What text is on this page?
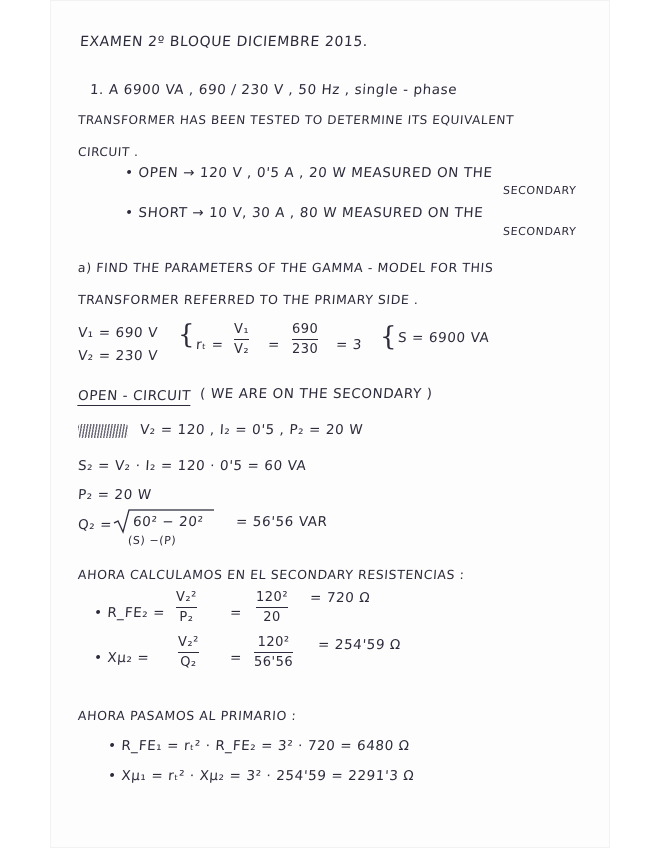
EXAMEN 2º BLOQUE DICIEMBRE 2015.
1. A 6900 VA , 690 / 230 V , 50 Hz , single - phase
TRANSFORMER HAS BEEN TESTED TO DETERMINE ITS EQUIVALENT
CIRCUIT .
• OPEN → 120 V , 0'5 A , 20 W MEASURED ON THE
SECONDARY
• SHORT → 10 V, 30 A , 80 W MEASURED ON THE
SECONDARY
a) FIND THE PARAMETERS OF THE GAMMA - MODEL FOR THIS
TRANSFORMER REFERRED TO THE PRIMARY SIDE .
V₁ = 690 V
V₂ = 230 V
{ rₜ =
V₁
V₂ =
690
230 = 3 { S = 6900 VA
OPEN - CIRCUIT ( WE ARE ON THE SECONDARY )
V₂ = 120 , I₂ = 0'5 , P₂ = 20 W
S₂ = V₂ · I₂ = 120 · 0'5 = 60 VA
P₂ = 20 W
Q₂ = 60² − 20² = 56'56 VAR
(S) −(P)
AHORA CALCULAMOS EN EL SECONDARY RESISTENCIAS :
• R_FE₂ =
V₂²
P₂	=
120²
20
= 720 Ω
• Xμ₂ =
V₂²
Q₂ =
120²
56'56
= 254'59 Ω
AHORA PASAMOS AL PRIMARIO :
• R_FE₁ = rₜ² · R_FE₂ = 3² · 720 = 6480 Ω
• Xμ₁ = rₜ² · Xμ₂ = 3² · 254'59 = 2291'3 Ω
